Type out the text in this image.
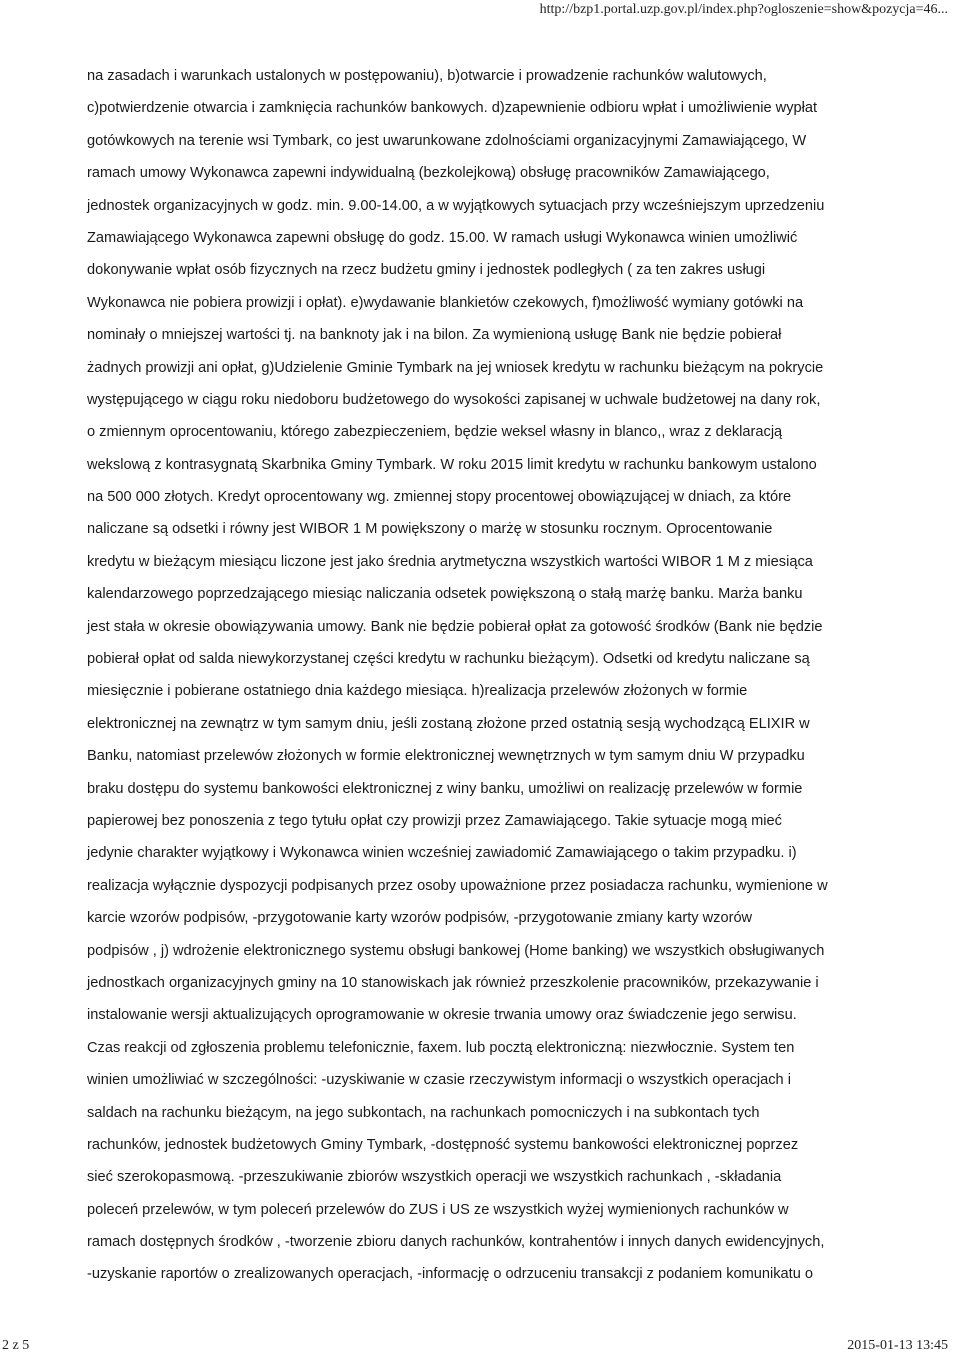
http://bzp1.portal.uzp.gov.pl/index.php?ogloszenie=show&pozycja=46...
na zasadach i warunkach ustalonych w postępowaniu), b)otwarcie i prowadzenie rachunków walutowych,
c)potwierdzenie otwarcia i zamknięcia rachunków bankowych. d)zapewnienie odbioru wpłat i umożliwienie wypłat
gotówkowych na terenie wsi Tymbark, co jest uwarunkowane zdolnościami organizacyjnymi Zamawiającego, W
ramach umowy Wykonawca zapewni indywidualną (bezkolejkową) obsługę pracowników Zamawiającego,
jednostek organizacyjnych w godz. min. 9.00-14.00, a w wyjątkowych sytuacjach przy wcześniejszym uprzedzeniu
Zamawiającego Wykonawca zapewni obsługę do godz. 15.00. W ramach usługi Wykonawca winien umożliwić
dokonywanie wpłat osób fizycznych na rzecz budżetu gminy i jednostek podległych ( za ten zakres usługi
Wykonawca nie pobiera prowizji i opłat). e)wydawanie blankietów czekowych, f)możliwość wymiany gotówki na
nominały o mniejszej wartości tj. na banknoty jak i na bilon. Za wymienioną usługę Bank nie będzie pobierał
żadnych prowizji ani opłat, g)Udzielenie Gminie Tymbark na jej wniosek kredytu w rachunku bieżącym na pokrycie
występującego w ciągu roku niedoboru budżetowego do wysokości zapisanej w uchwale budżetowej na dany rok,
o zmiennym oprocentowaniu, którego zabezpieczeniem, będzie weksel własny in blanco,, wraz z deklaracją
wekslową z kontrasygnatą Skarbnika Gminy Tymbark. W roku 2015 limit kredytu w rachunku bankowym ustalono
na 500 000 złotych. Kredyt oprocentowany wg. zmiennej stopy procentowej obowiązującej w dniach, za które
naliczane są odsetki i równy jest WIBOR 1 M powiększony o marżę w stosunku rocznym. Oprocentowanie
kredytu w bieżącym miesiącu liczone jest jako średnia arytmetyczna wszystkich wartości WIBOR 1 M z miesiąca
kalendarzowego poprzedzającego miesiąc naliczania odsetek powiększoną o stałą marżę banku. Marża banku
jest stała w okresie obowiązywania umowy. Bank nie będzie pobierał opłat za gotowość środków (Bank nie będzie
pobierał opłat od salda niewykorzystanej części kredytu w rachunku bieżącym). Odsetki od kredytu naliczane są
miesięcznie i pobierane ostatniego dnia każdego miesiąca. h)realizacja przelewów złożonych w formie
elektronicznej na zewnątrz w tym samym dniu, jeśli zostaną złożone przed ostatnią sesją wychodzącą ELIXIR w
Banku, natomiast przelewów złożonych w formie elektronicznej wewnętrznych w tym samym dniu W przypadku
braku dostępu do systemu bankowości elektronicznej z winy banku, umożliwi on realizację przelewów w formie
papierowej bez ponoszenia z tego tytułu opłat czy prowizji przez Zamawiającego. Takie sytuacje mogą mieć
jedynie charakter wyjątkowy i Wykonawca winien wcześniej zawiadomić Zamawiającego o takim przypadku. i)
realizacja wyłącznie dyspozycji podpisanych przez osoby upoważnione przez posiadacza rachunku, wymienione w
karcie wzorów podpisów, -przygotowanie karty wzorów podpisów, -przygotowanie zmiany karty wzorów
podpisów , j) wdrożenie elektronicznego systemu obsługi bankowej (Home banking) we wszystkich obsługiwanych
jednostkach organizacyjnych gminy na 10 stanowiskach jak również przeszkolenie pracowników, przekazywanie i
instalowanie wersji aktualizujących oprogramowanie w okresie trwania umowy oraz świadczenie jego serwisu.
Czas reakcji od zgłoszenia problemu telefonicznie, faxem. lub pocztą elektroniczną: niezwłocznie. System ten
winien umożliwiać w szczególności: -uzyskiwanie w czasie rzeczywistym informacji o wszystkich operacjach i
saldach na rachunku bieżącym, na jego subkontach, na rachunkach pomocniczych i na subkontach tych
rachunków, jednostek budżetowych Gminy Tymbark, -dostępność systemu bankowości elektronicznej poprzez
sieć szerokopasmową. -przeszukiwanie zbiorów wszystkich operacji we wszystkich rachunkach , -składania
poleceń przelewów, w tym poleceń przelewów do ZUS i US ze wszystkich wyżej wymienionych rachunków w
ramach dostępnych środków , -tworzenie zbioru danych rachunków, kontrahentów i innych danych ewidencyjnych,
-uzyskanie raportów o zrealizowanych operacjach, -informację o odrzuceniu transakcji z podaniem komunikatu o
2 z 5	2015-01-13 13:45
